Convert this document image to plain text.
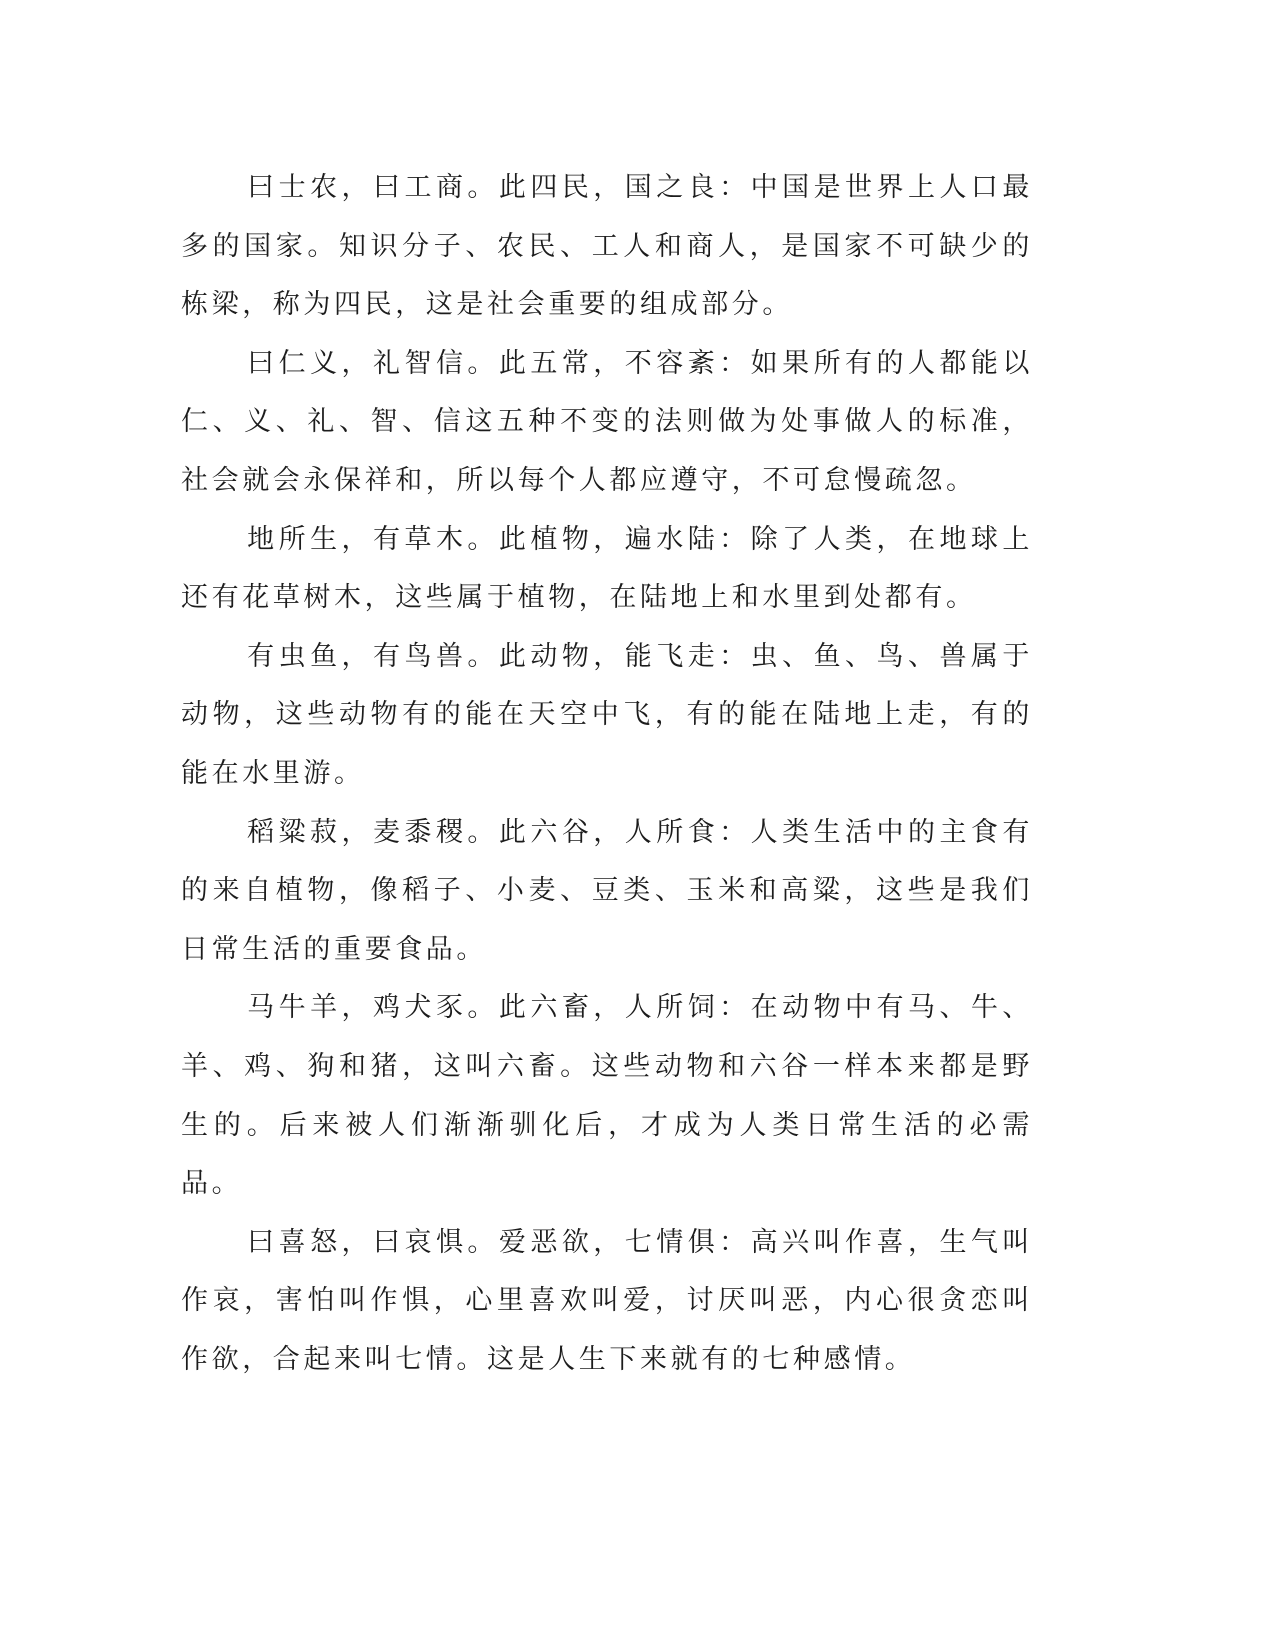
曰士农，曰工商。此四民，国之良：中国是世界上人口最多的国家。知识分子、农民、工人和商人，是国家不可缺少的栋梁，称为四民，这是社会重要的组成部分。

曰仁义，礼智信。此五常，不容紊：如果所有的人都能以仁、义、礼、智、信这五种不变的法则做为处事做人的标准，社会就会永保祥和，所以每个人都应遵守，不可怠慢疏忽。

地所生，有草木。此植物，遍水陆：除了人类，在地球上还有花草树木，这些属于植物，在陆地上和水里到处都有。

有虫鱼，有鸟兽。此动物，能飞走：虫、鱼、鸟、兽属于动物，这些动物有的能在天空中飞，有的能在陆地上走，有的能在水里游。

稻粱菽，麦黍稷。此六谷，人所食：人类生活中的主食有的来自植物，像稻子、小麦、豆类、玉米和高粱，这些是我们日常生活的重要食品。

马牛羊，鸡犬豕。此六畜，人所饲：在动物中有马、牛、羊、鸡、狗和猪，这叫六畜。这些动物和六谷一样本来都是野生的。后来被人们渐渐驯化后，才成为人类日常生活的必需品。

曰喜怒，曰哀惧。爱恶欲，七情俱：高兴叫作喜，生气叫作哀，害怕叫作惧，心里喜欢叫爱，讨厌叫恶，内心很贪恋叫作欲，合起来叫七情。这是人生下来就有的七种感情。
